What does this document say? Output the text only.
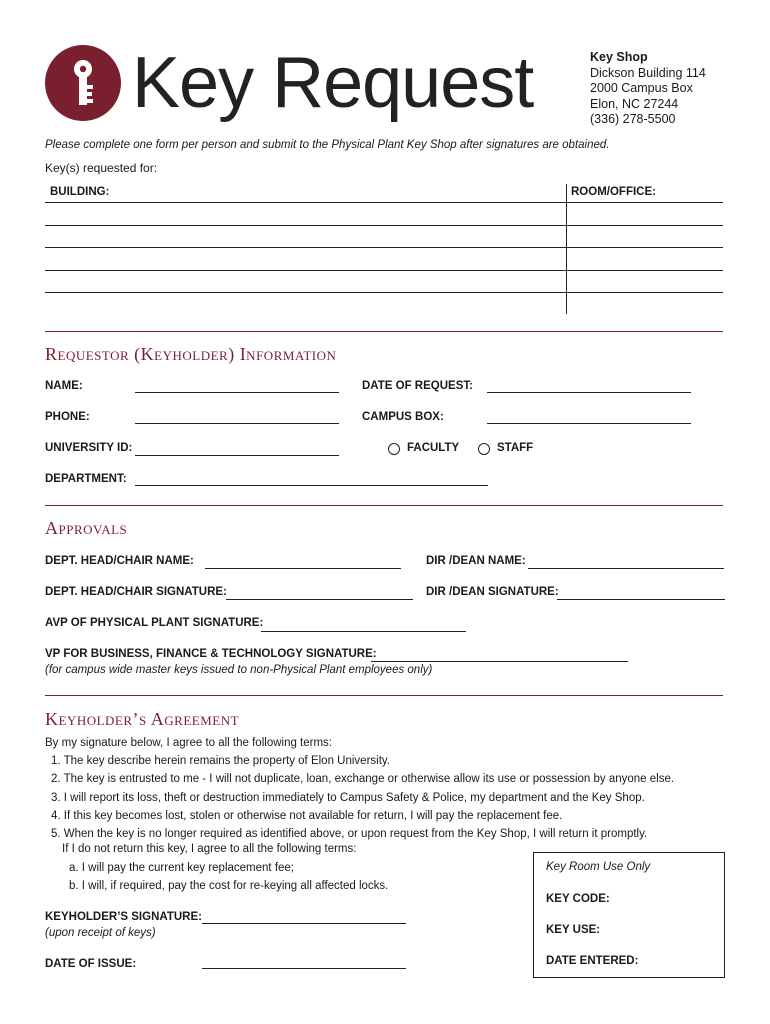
Key Request	Key Shop
Dickson Building 114
2000 Campus Box
Elon, NC 27244
(336) 278-5500
Please complete one form per person and submit to the Physical Plant Key Shop after signatures are obtained.
Key(s) requested for:
BUILDING:	ROOM/OFFICE:
Requestor (Keyholder) Information
NAME:	DATE OF REQUEST:
PHONE:	CAMPUS BOX:
UNIVERSITY ID:	FACULTY	STAFF
DEPARTMENT:
Approvals
DEPT. HEAD/CHAIR NAME:	DIR /DEAN NAME:
DEPT. HEAD/CHAIR SIGNATURE:	DIR /DEAN SIGNATURE:
AVP OF PHYSICAL PLANT SIGNATURE:
VP FOR BUSINESS, FINANCE & TECHNOLOGY SIGNATURE:
(for campus wide master keys issued to non-Physical Plant employees only)
Keyholder’s Agreement
By my signature below, I agree to all the following terms:
1. The key describe herein remains the property of Elon University.
2. The key is entrusted to me - I will not duplicate, loan, exchange or otherwise allow its use or possession by anyone else.
3. I will report its loss, theft or destruction immediately to Campus Safety & Police, my department and the Key Shop.
4. If this key becomes lost, stolen or otherwise not available for return, I will pay the replacement fee.
5. When the key is no longer required as identified above, or upon request from the Key Shop, I will return it promptly.
If I do not return this key, I agree to all the following terms:
a. I will pay the current key replacement fee;
b. I will, if required, pay the cost for re-keying all affected locks.
KEYHOLDER’S SIGNATURE:
(upon receipt of keys)
DATE OF ISSUE:
Key Room Use Only
KEY CODE:
KEY USE:
DATE ENTERED:
